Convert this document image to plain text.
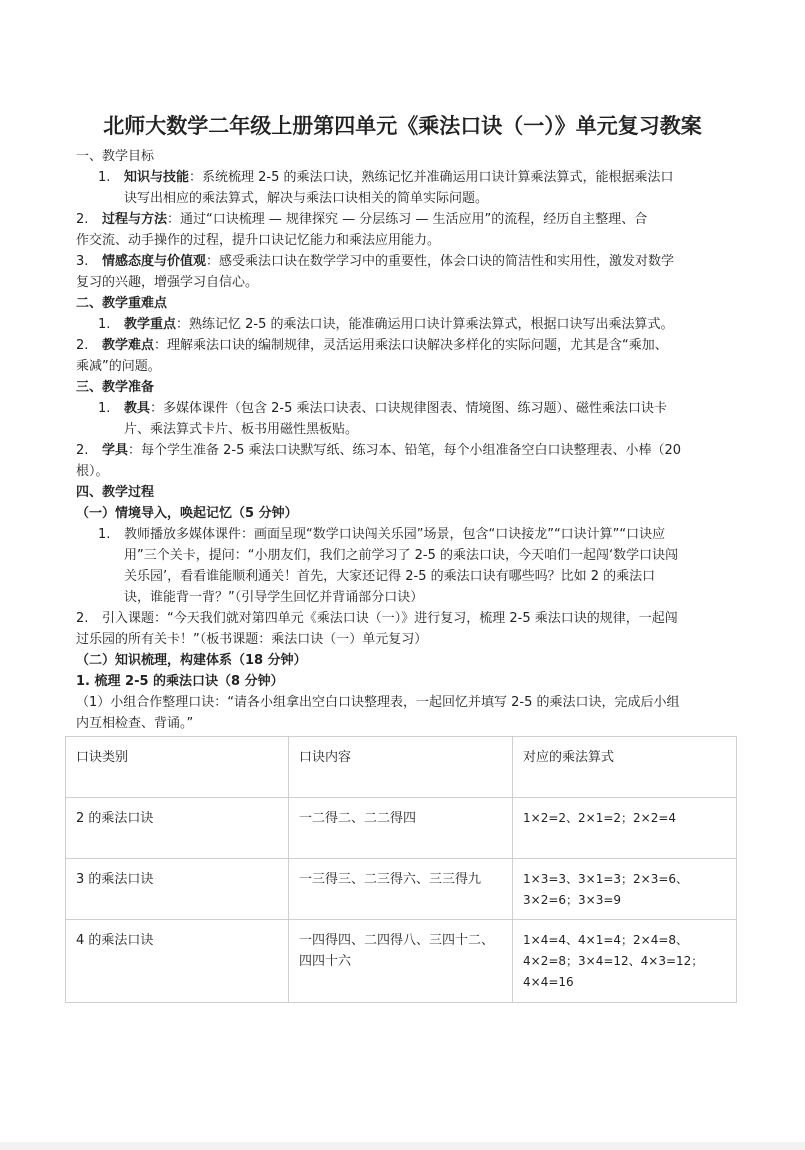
北师大数学二年级上册第四单元《乘法口诀（一）》单元复习教案

一、教学目标

1. 知识与技能：系统梳理 2-5 的乘法口诀，熟练记忆并准确运用口诀计算乘法算式，能根据乘法口

诀写出相应的乘法算式，解决与乘法口诀相关的简单实际问题。

2. 过程与方法：通过“口诀梳理 — 规律探究 — 分层练习 — 生活应用”的流程，经历自主整理、合

作交流、动手操作的过程，提升口诀记忆能力和乘法应用能力。

3. 情感态度与价值观：感受乘法口诀在数学学习中的重要性，体会口诀的简洁性和实用性，激发对数学

复习的兴趣，增强学习自信心。

二、教学重难点

1. 教学重点：熟练记忆 2-5 的乘法口诀，能准确运用口诀计算乘法算式，根据口诀写出乘法算式。

2. 教学难点：理解乘法口诀的编制规律，灵活运用乘法口诀解决多样化的实际问题，尤其是含“乘加、

乘减”的问题。

三、教学准备

1. 教具：多媒体课件（包含 2-5 乘法口诀表、口诀规律图表、情境图、练习题）、磁性乘法口诀卡

片、乘法算式卡片、板书用磁性黑板贴。

2. 学具：每个学生准备 2-5 乘法口诀默写纸、练习本、铅笔，每个小组准备空白口诀整理表、小棒（20

根）。

四、教学过程

（一）情境导入，唤起记忆（5 分钟）

1. 教师播放多媒体课件：画面呈现“数学口诀闯关乐园”场景，包含“口诀接龙”“口诀计算”“口诀应

用”三个关卡，提问：“小朋友们，我们之前学习了 2-5 的乘法口诀，今天咱们一起闯‘数学口诀闯

关乐园’，看看谁能顺利通关！首先，大家还记得 2-5 的乘法口诀有哪些吗？比如 2 的乘法口

诀，谁能背一背？”（引导学生回忆并背诵部分口诀）

2. 引入课题：“今天我们就对第四单元《乘法口诀（一）》进行复习，梳理 2-5 乘法口诀的规律，一起闯

过乐园的所有关卡！”（板书课题：乘法口诀（一）单元复习）

（二）知识梳理，构建体系（18 分钟）

1. 梳理 2-5 的乘法口诀（8 分钟）

（1）小组合作整理口诀：“请各小组拿出空白口诀整理表，一起回忆并填写 2-5 的乘法口诀，完成后小组

内互相检查、背诵。”

口诀类别	口诀内容	对应的乘法算式
2 的乘法口诀	一二得二、二二得四	1×2=2、2×1=2；2×2=4
3 的乘法口诀	一三得三、二三得六、三三得九	1×3=3、3×1=3；2×3=6、3×2=6；3×3=9
4 的乘法口诀	一四得四、二四得八、三四十二、四四十六	1×4=4、4×1=4；2×4=8、4×2=8；3×4=12、4×3=12；4×4=16
